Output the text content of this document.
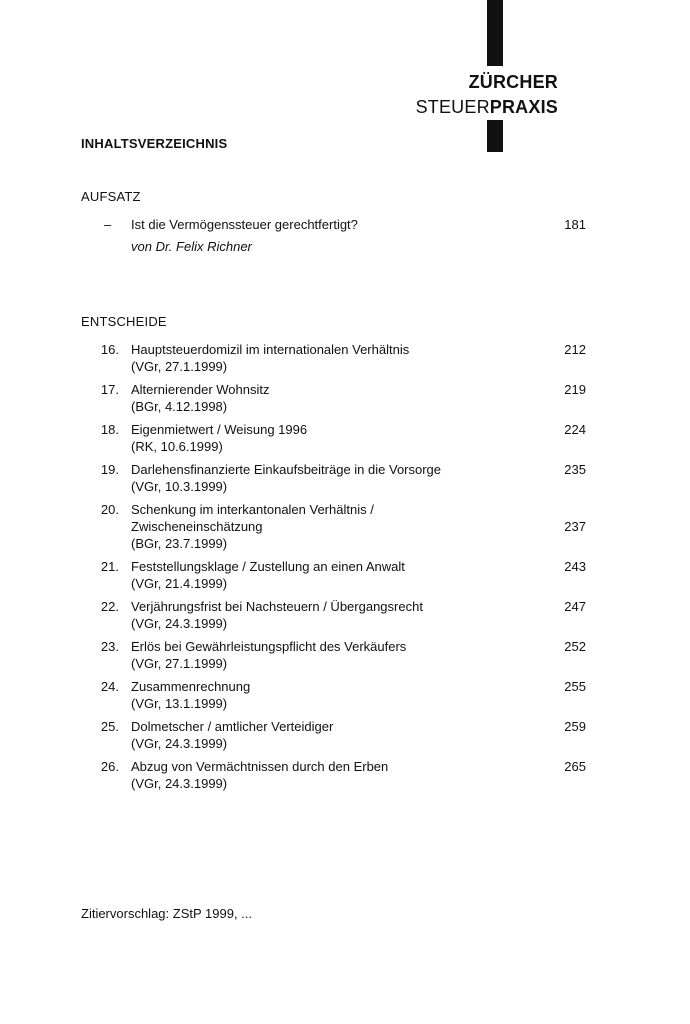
ZÜRCHER
STEUERPRAXIS
INHALTSVERZEICHNIS
AUFSATZ
– Ist die Vermögenssteuer gerechtfertigt?
von Dr. Felix Richner
181
ENTSCHEIDE
16. Hauptsteuerdomizil im internationalen Verhältnis
(VGr, 27.1.1999)
212
17. Alternierender Wohnsitz
(BGr, 4.12.1998)
219
18. Eigenmietwert / Weisung 1996
(RK, 10.6.1999)
224
19. Darlehensfinanzierte Einkaufsbeiträge in die Vorsorge
(VGr, 10.3.1999)
235
20. Schenkung im interkantonalen Verhältnis /
Zwischeneinschätzung
(BGr, 23.7.1999)
237
21. Feststellungsklage / Zustellung an einen Anwalt
(VGr, 21.4.1999)
243
22. Verjährungsfrist bei Nachsteuern / Übergangsrecht
(VGr, 24.3.1999)
247
23. Erlös bei Gewährleistungspflicht des Verkäufers
(VGr, 27.1.1999)
252
24. Zusammenrechnung
(VGr, 13.1.1999)
255
25. Dolmetscher / amtlicher Verteidiger
(VGr, 24.3.1999)
259
26. Abzug von Vermächtnissen durch den Erben
(VGr, 24.3.1999)
265
Zitiervorschlag: ZStP 1999, ...
